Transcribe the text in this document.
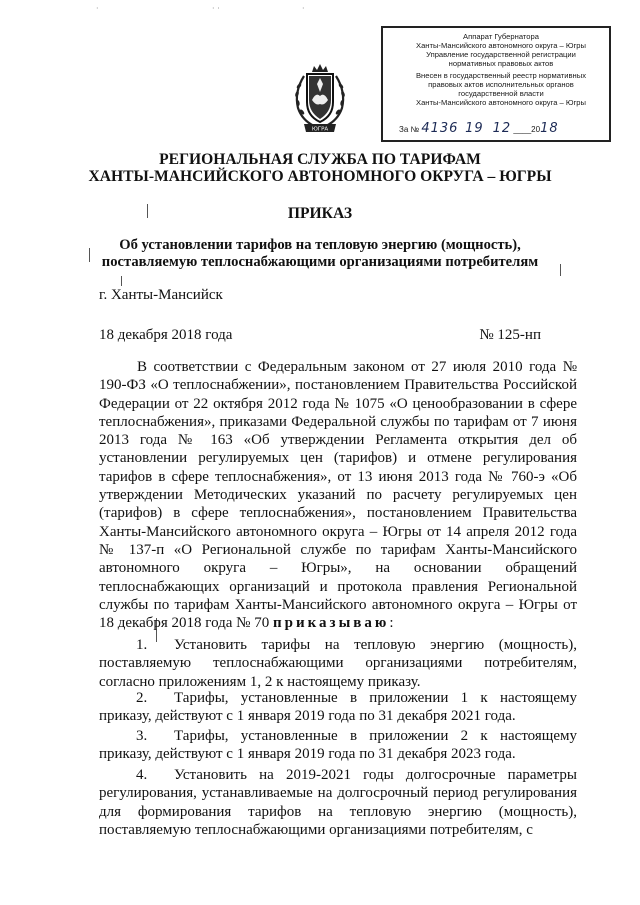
·	· ·	·
Аппарат Губернатора
Ханты-Мансийского автономного округа – Югры
Управление государственной регистрации
нормативных правовых актов
Внесен в государственный реестр нормативных
правовых актов исполнительных органов
государственной власти
Ханты-Мансийского автономного округа – Югры
За № 4136 19 12 ____2018
ЮГРА
РЕГИОНАЛЬНАЯ СЛУЖБА ПО ТАРИФАМ
ХАНТЫ-МАНСИЙСКОГО АВТОНОМНОГО ОКРУГА – ЮГРЫ
ПРИКАЗ
Об установлении тарифов на тепловую энергию (мощность),
поставляемую теплоснабжающими организациями потребителям
г. Ханты-Мансийск
18 декабря 2018 года	№ 125-нп

В соответствии с Федеральным законом от 27 июля 2010 года № 190-ФЗ «О теплоснабжении», постановлением Правительства Российской Федерации от 22 октября 2012 года № 1075 «О ценообразовании в сфере теплоснабжения», приказами Федеральной службы по тарифам от 7 июня 2013 года № 163 «Об утверждении Регламента открытия дел об установлении регулируемых цен (тарифов) и отмене регулирования тарифов в сфере теплоснабжения», от 13 июня 2013 года № 760-э «Об утверждении Методических указаний по расчету регулируемых цен (тарифов) в сфере теплоснабжения», постановлением Правительства Ханты-Мансийского автономного округа – Югры от 14 апреля 2012 года № 137-п «О Региональной службе по тарифам Ханты-Мансийского автономного округа – Югры», на основании обращений теплоснабжающих организаций и протокола правления Региональной службы по тарифам Ханты-Мансийского автономного округа – Югры от 18 декабря 2018 года № 70 приказываю:

1. Установить тарифы на тепловую энергию (мощность), поставляемую теплоснабжающими организациями потребителям, согласно приложениям 1, 2 к настоящему приказу.

2. Тарифы, установленные в приложении 1 к настоящему приказу, действуют с 1 января 2019 года по 31 декабря 2021 года.

3. Тарифы, установленные в приложении 2 к настоящему приказу, действуют с 1 января 2019 года по 31 декабря 2023 года.

4. Установить на 2019-2021 годы долгосрочные параметры регулирования, устанавливаемые на долгосрочный период регулирования для формирования тарифов на тепловую энергию (мощность), поставляемую теплоснабжающими организациями потребителям, с
